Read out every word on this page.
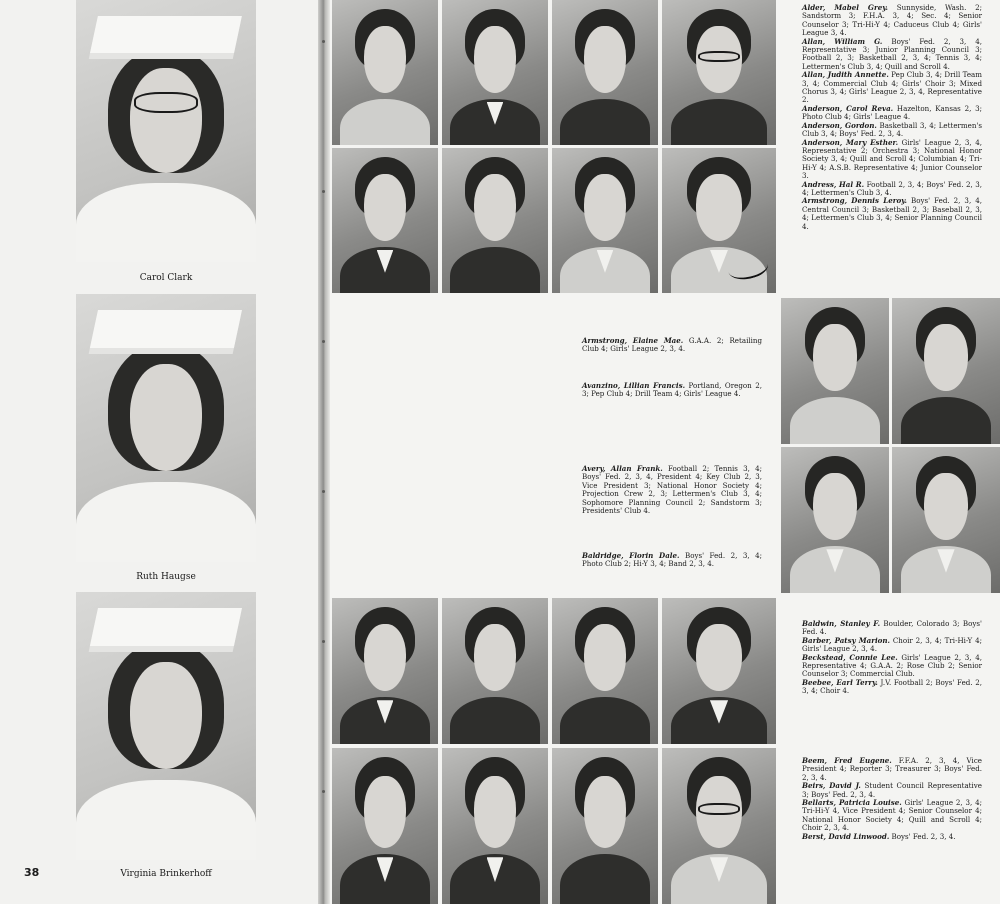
Carol Clark
Ruth Haugse
Virginia Brinkerhoff
38

Alder, Mabel Grey. Sunnyside, Wash. 2; Sandstorm 3; F.H.A. 3, 4; Sec. 4; Senior Counselor 3; Tri-Hi-Y 4; Caduceus Club 4; Girls' League 3, 4.

Allan, William G. Boys' Fed. 2, 3, 4, Representative 3; Junior Planning Council 3; Football 2, 3; Basketball 2, 3, 4; Tennis 3, 4; Lettermen's Club 3, 4; Quill and Scroll 4.

Allan, Judith Annette. Pep Club 3, 4; Drill Team 3, 4; Commercial Club 4; Girls' Choir 3; Mixed Chorus 3, 4; Girls' League 2, 3, 4, Representative 2.

Anderson, Carol Reva. Hazelton, Kansas 2, 3; Photo Club 4; Girls' League 4.

Anderson, Gordon. Basketball 3, 4; Lettermen's Club 3, 4; Boys' Fed. 2, 3, 4.

Anderson, Mary Esther. Girls' League 2, 3, 4, Representative 2; Orchestra 3; National Honor Society 3, 4; Quill and Scroll 4; Columbian 4; Tri-Hi-Y 4; A.S.B. Representative 4; Junior Counselor 3.

Andress, Hal R. Football 2, 3, 4; Boys' Fed. 2, 3, 4; Lettermen's Club 3, 4.

Armstrong, Dennis Leroy. Boys' Fed. 2, 3, 4, Central Council 3; Basketball 2, 3; Baseball 2, 3, 4; Lettermen's Club 3, 4; Senior Planning Council 4.

Armstrong, Elaine Mae. G.A.A. 2; Retailing Club 4; Girls' League 2, 3, 4.

Avanzino, Lillian Francis. Portland, Oregon 2, 3; Pep Club 4; Drill Team 4; Girls' League 4.

Avery, Allan Frank. Football 2; Tennis 3, 4; Boys' Fed. 2, 3, 4, President 4; Key Club 2, 3, Vice President 3; National Honor Society 4; Projection Crew 2, 3; Lettermen's Club 3, 4; Sophomore Planning Council 2; Sandstorm 3; Presidents' Club 4.

Baldridge, Florin Dale. Boys' Fed. 2, 3, 4; Photo Club 2; Hi-Y 3, 4; Band 2, 3, 4.

Baldwin, Stanley F. Boulder, Colorado 3; Boys' Fed. 4.

Barber, Patsy Marion. Choir 2, 3, 4; Tri-Hi-Y 4; Girls' League 2, 3, 4.

Beckstead, Connie Lee. Girls' League 2, 3, 4, Representative 4; G.A.A. 2; Rose Club 2; Senior Counselor 3; Commercial Club.

Beebee, Earl Terry. J.V. Football 2; Boys' Fed. 2, 3, 4; Choir 4.

Beem, Fred Eugene. F.F.A. 2, 3, 4, Vice President 4; Reporter 3; Treasurer 3; Boys' Fed. 2, 3, 4.

Beirs, David J. Student Council Representative 3; Boys' Fed. 2, 3, 4.

Bellarts, Patricia Louise. Girls' League 2, 3, 4; Tri-Hi-Y 4, Vice President 4; Senior Counselor 4; National Honor Society 4; Quill and Scroll 4; Choir 2, 3, 4.

Berst, David Linwood. Boys' Fed. 2, 3, 4.
